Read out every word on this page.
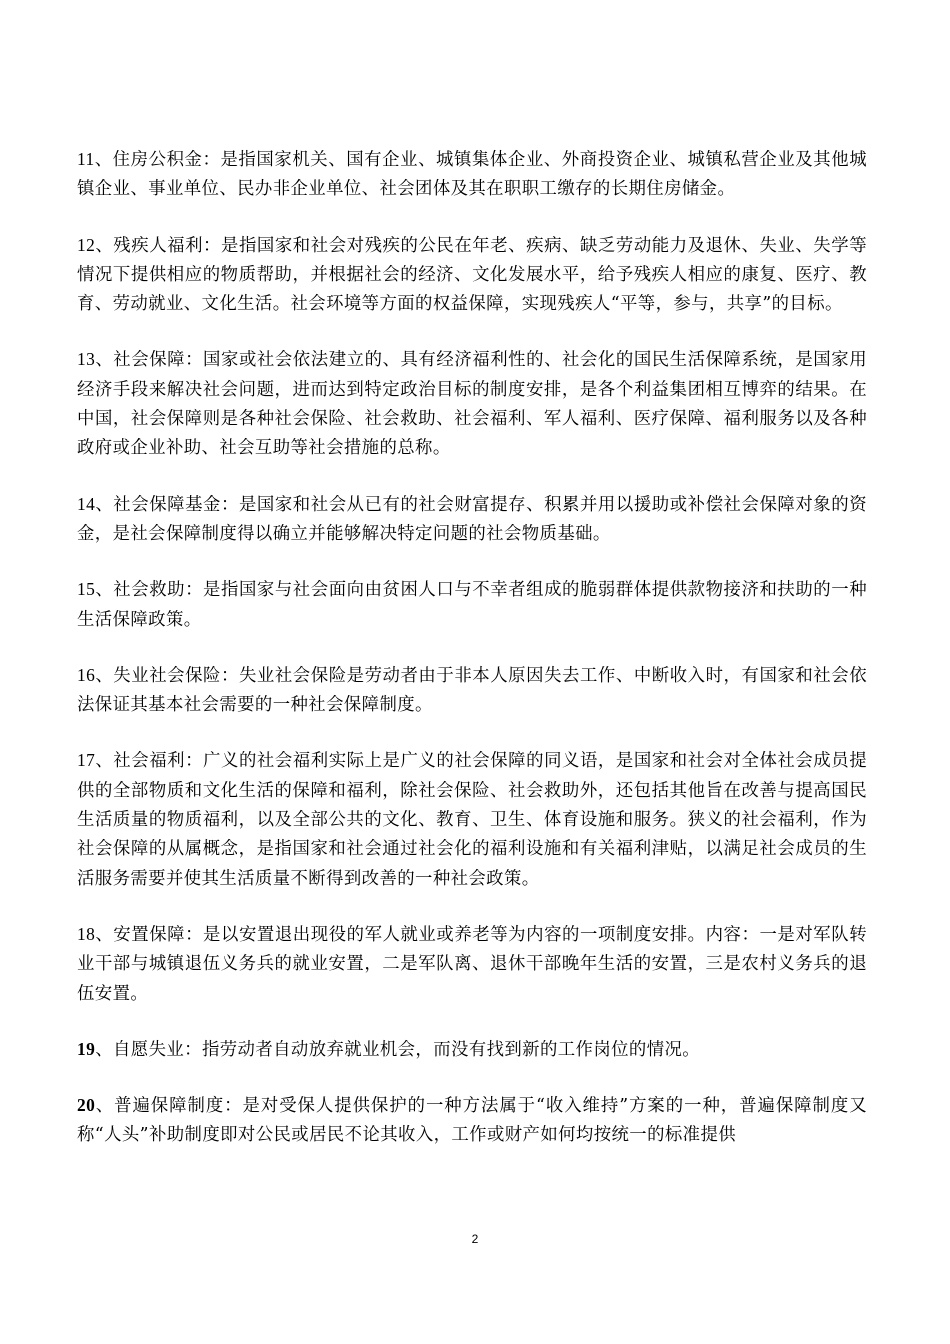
11、住房公积金：是指国家机关、国有企业、城镇集体企业、外商投资企业、城镇私营企业及其他城镇企业、事业单位、民办非企业单位、社会团体及其在职职工缴存的长期住房储金。

12、残疾人福利：是指国家和社会对残疾的公民在年老、疾病、缺乏劳动能力及退休、失业、失学等情况下提供相应的物质帮助，并根据社会的经济、文化发展水平，给予残疾人相应的康复、医疗、教育、劳动就业、文化生活。社会环境等方面的权益保障，实现残疾人“平等，参与，共享”的目标。

13、社会保障：国家或社会依法建立的、具有经济福利性的、社会化的国民生活保障系统，是国家用经济手段来解决社会问题，进而达到特定政治目标的制度安排，是各个利益集团相互博弈的结果。在中国，社会保障则是各种社会保险、社会救助、社会福利、军人福利、医疗保障、福利服务以及各种政府或企业补助、社会互助等社会措施的总称。

14、社会保障基金：是国家和社会从已有的社会财富提存、积累并用以援助或补偿社会保障对象的资金，是社会保障制度得以确立并能够解决特定问题的社会物质基础。

15、社会救助：是指国家与社会面向由贫困人口与不幸者组成的脆弱群体提供款物接济和扶助的一种生活保障政策。

16、失业社会保险：失业社会保险是劳动者由于非本人原因失去工作、中断收入时，有国家和社会依法保证其基本社会需要的一种社会保障制度。

17、社会福利：广义的社会福利实际上是广义的社会保障的同义语，是国家和社会对全体社会成员提供的全部物质和文化生活的保障和福利，除社会保险、社会救助外，还包括其他旨在改善与提高国民生活质量的物质福利，以及全部公共的文化、教育、卫生、体育设施和服务。狭义的社会福利，作为社会保障的从属概念，是指国家和社会通过社会化的福利设施和有关福利津贴，以满足社会成员的生活服务需要并使其生活质量不断得到改善的一种社会政策。

18、安置保障：是以安置退出现役的军人就业或养老等为内容的一项制度安排。内容：一是对军队转业干部与城镇退伍义务兵的就业安置，二是军队离、退休干部晚年生活的安置，三是农村义务兵的退伍安置。

19、自愿失业：指劳动者自动放弃就业机会，而没有找到新的工作岗位的情况。

20、普遍保障制度：是对受保人提供保护的一种方法属于“收入维持”方案的一种，普遍保障制度又称“人头”补助制度即对公民或居民不论其收入，工作或财产如何均按统一的标准提供

2
